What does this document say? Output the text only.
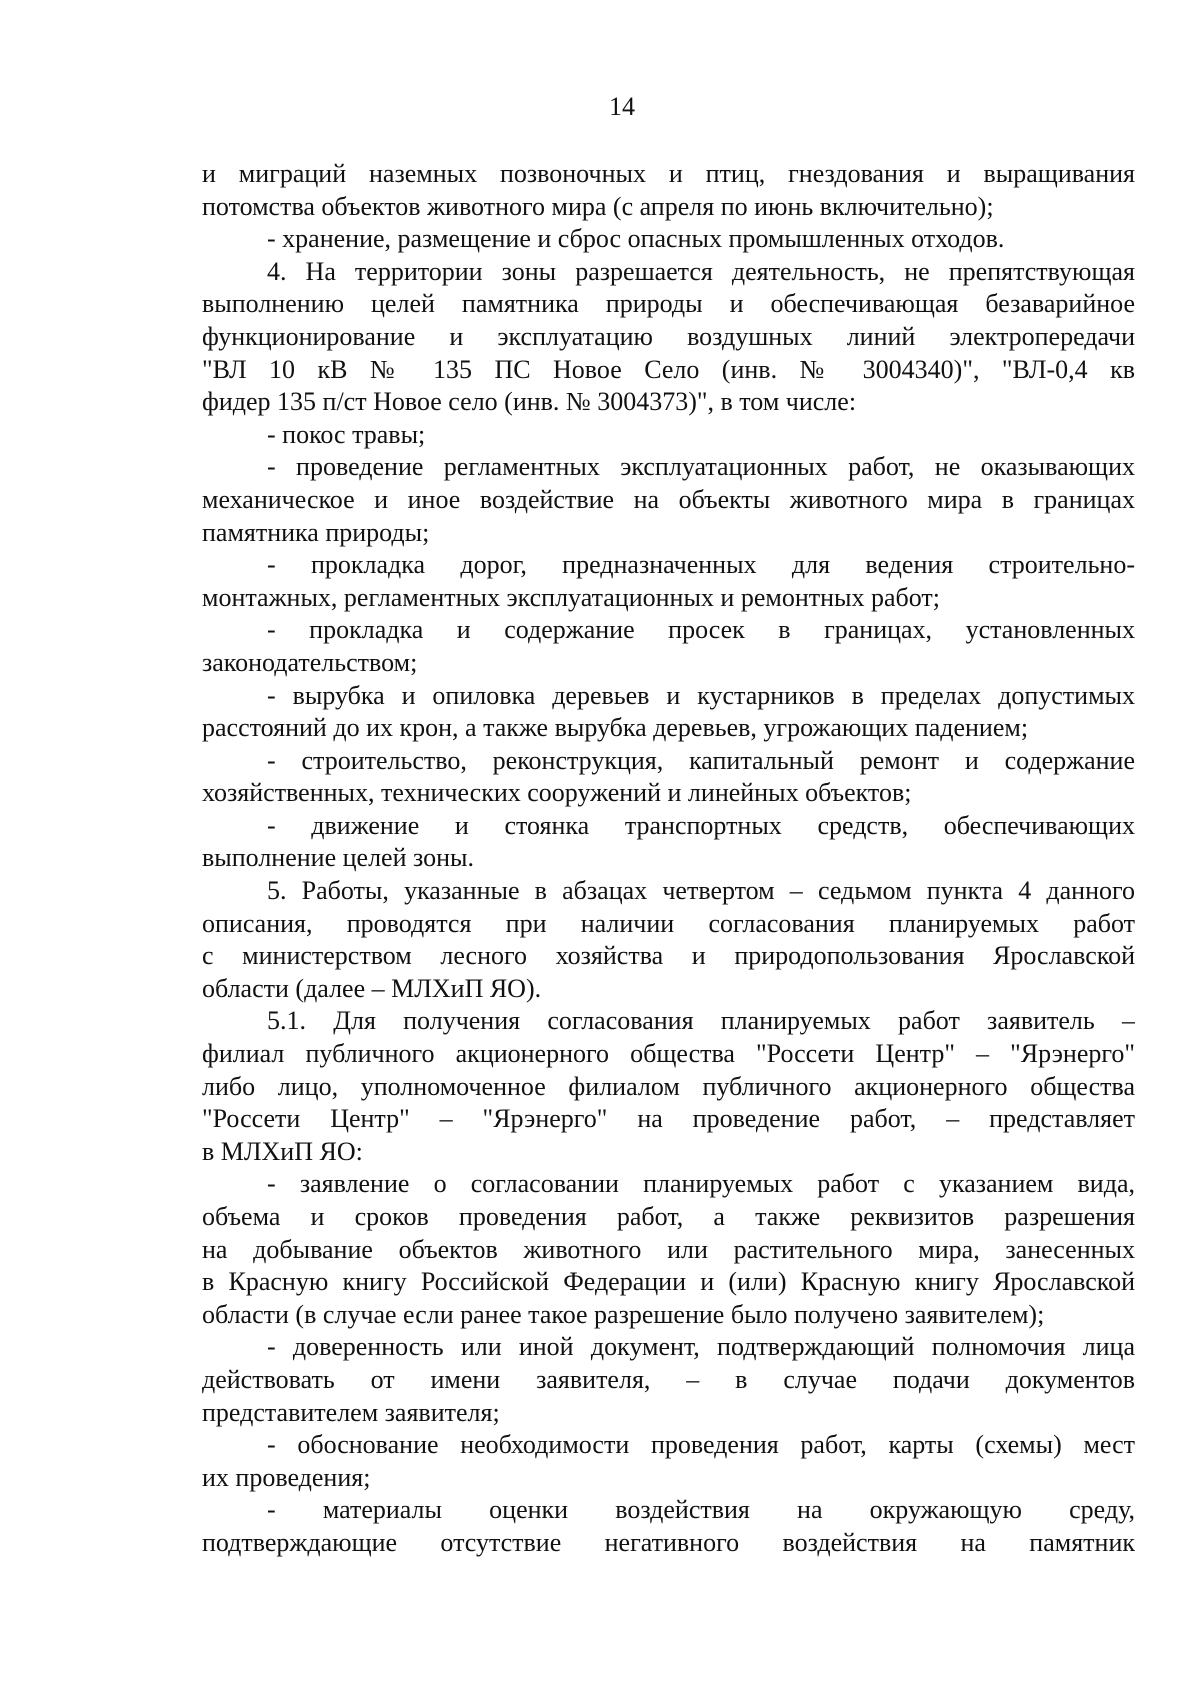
14
и миграций наземных позвоночных и птиц, гнездования и выращивания
потомства объектов животного мира (с апреля по июнь включительно);
- хранение, размещение и сброс опасных промышленных отходов.
4. На территории зоны разрешается деятельность, не препятствующая
выполнению целей памятника природы и обеспечивающая безаварийное
функционирование и эксплуатацию воздушных линий электропередачи
"ВЛ 10 кВ № 135 ПС Новое Село (инв. № 3004340)", "ВЛ-0,4 кв
фидер 135 п/ст Новое село (инв. № 3004373)", в том числе:
- покос травы;
- проведение регламентных эксплуатационных работ, не оказывающих
механическое и иное воздействие на объекты животного мира в границах
памятника природы;
- прокладка дорог, предназначенных для ведения строительно-
монтажных, регламентных эксплуатационных и ремонтных работ;
- прокладка и содержание просек в границах, установленных
законодательством;
- вырубка и опиловка деревьев и кустарников в пределах допустимых
расстояний до их крон, а также вырубка деревьев, угрожающих падением;
- строительство, реконструкция, капитальный ремонт и содержание
хозяйственных, технических сооружений и линейных объектов;
- движение и стоянка транспортных средств, обеспечивающих
выполнение целей зоны.
5. Работы, указанные в абзацах четвертом – седьмом пункта 4 данного
описания, проводятся при наличии согласования планируемых работ
с министерством лесного хозяйства и природопользования Ярославской
области (далее – МЛХиП ЯО).
5.1. Для получения согласования планируемых работ заявитель –
филиал публичного акционерного общества "Россети Центр" – "Ярэнерго"
либо лицо, уполномоченное филиалом публичного акционерного общества
"Россети Центр" – "Ярэнерго" на проведение работ, – представляет
в МЛХиП ЯО:
- заявление о согласовании планируемых работ с указанием вида,
объема и сроков проведения работ, а также реквизитов разрешения
на добывание объектов животного или растительного мира, занесенных
в Красную книгу Российской Федерации и (или) Красную книгу Ярославской
области (в случае если ранее такое разрешение было получено заявителем);
- доверенность или иной документ, подтверждающий полномочия лица
действовать от имени заявителя, – в случае подачи документов
представителем заявителя;
- обоснование необходимости проведения работ, карты (схемы) мест
их проведения;
- материалы оценки воздействия на окружающую среду,
подтверждающие отсутствие негативного воздействия на памятник
